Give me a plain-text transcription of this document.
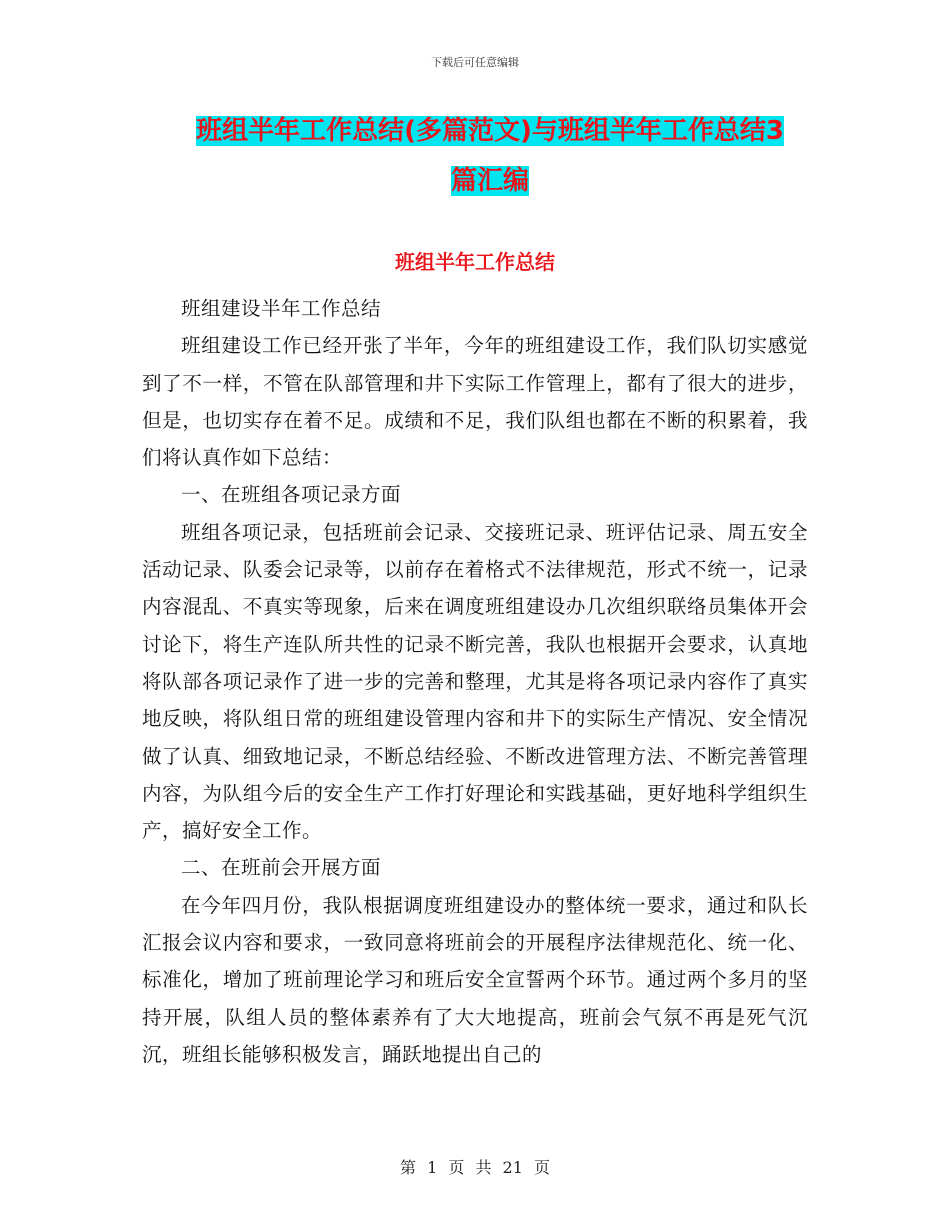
下载后可任意编辑
班组半年工作总结(多篇范文)与班组半年工作总结3
篇汇编
班组半年工作总结

班组建设半年工作总结

班组建设工作已经开张了半年，今年的班组建设工作，我们队切实感觉到了不一样，不管在队部管理和井下实际工作管理上，都有了很大的进步，但是，也切实存在着不足。成绩和不足，我们队组也都在不断的积累着，我们将认真作如下总结：

一、在班组各项记录方面

班组各项记录，包括班前会记录、交接班记录、班评估记录、周五安全活动记录、队委会记录等，以前存在着格式不法律规范，形式不统一，记录内容混乱、不真实等现象，后来在调度班组建设办几次组织联络员集体开会讨论下，将生产连队所共性的记录不断完善，我队也根据开会要求，认真地将队部各项记录作了进一步的完善和整理，尤其是将各项记录内容作了真实地反映，将队组日常的班组建设管理内容和井下的实际生产情况、安全情况做了认真、细致地记录，不断总结经验、不断改进管理方法、不断完善管理内容，为队组今后的安全生产工作打好理论和实践基础，更好地科学组织生产，搞好安全工作。

二、在班前会开展方面

在今年四月份，我队根据调度班组建设办的整体统一要求，通过和队长汇报会议内容和要求，一致同意将班前会的开展程序法律规范化、统一化、标准化，增加了班前理论学习和班后安全宣誓两个环节。通过两个多月的坚持开展，队组人员的整体素养有了大大地提高，班前会气氛不再是死气沉沉，班组长能够积极发言，踊跃地提出自己的

第 1 页 共 21 页
